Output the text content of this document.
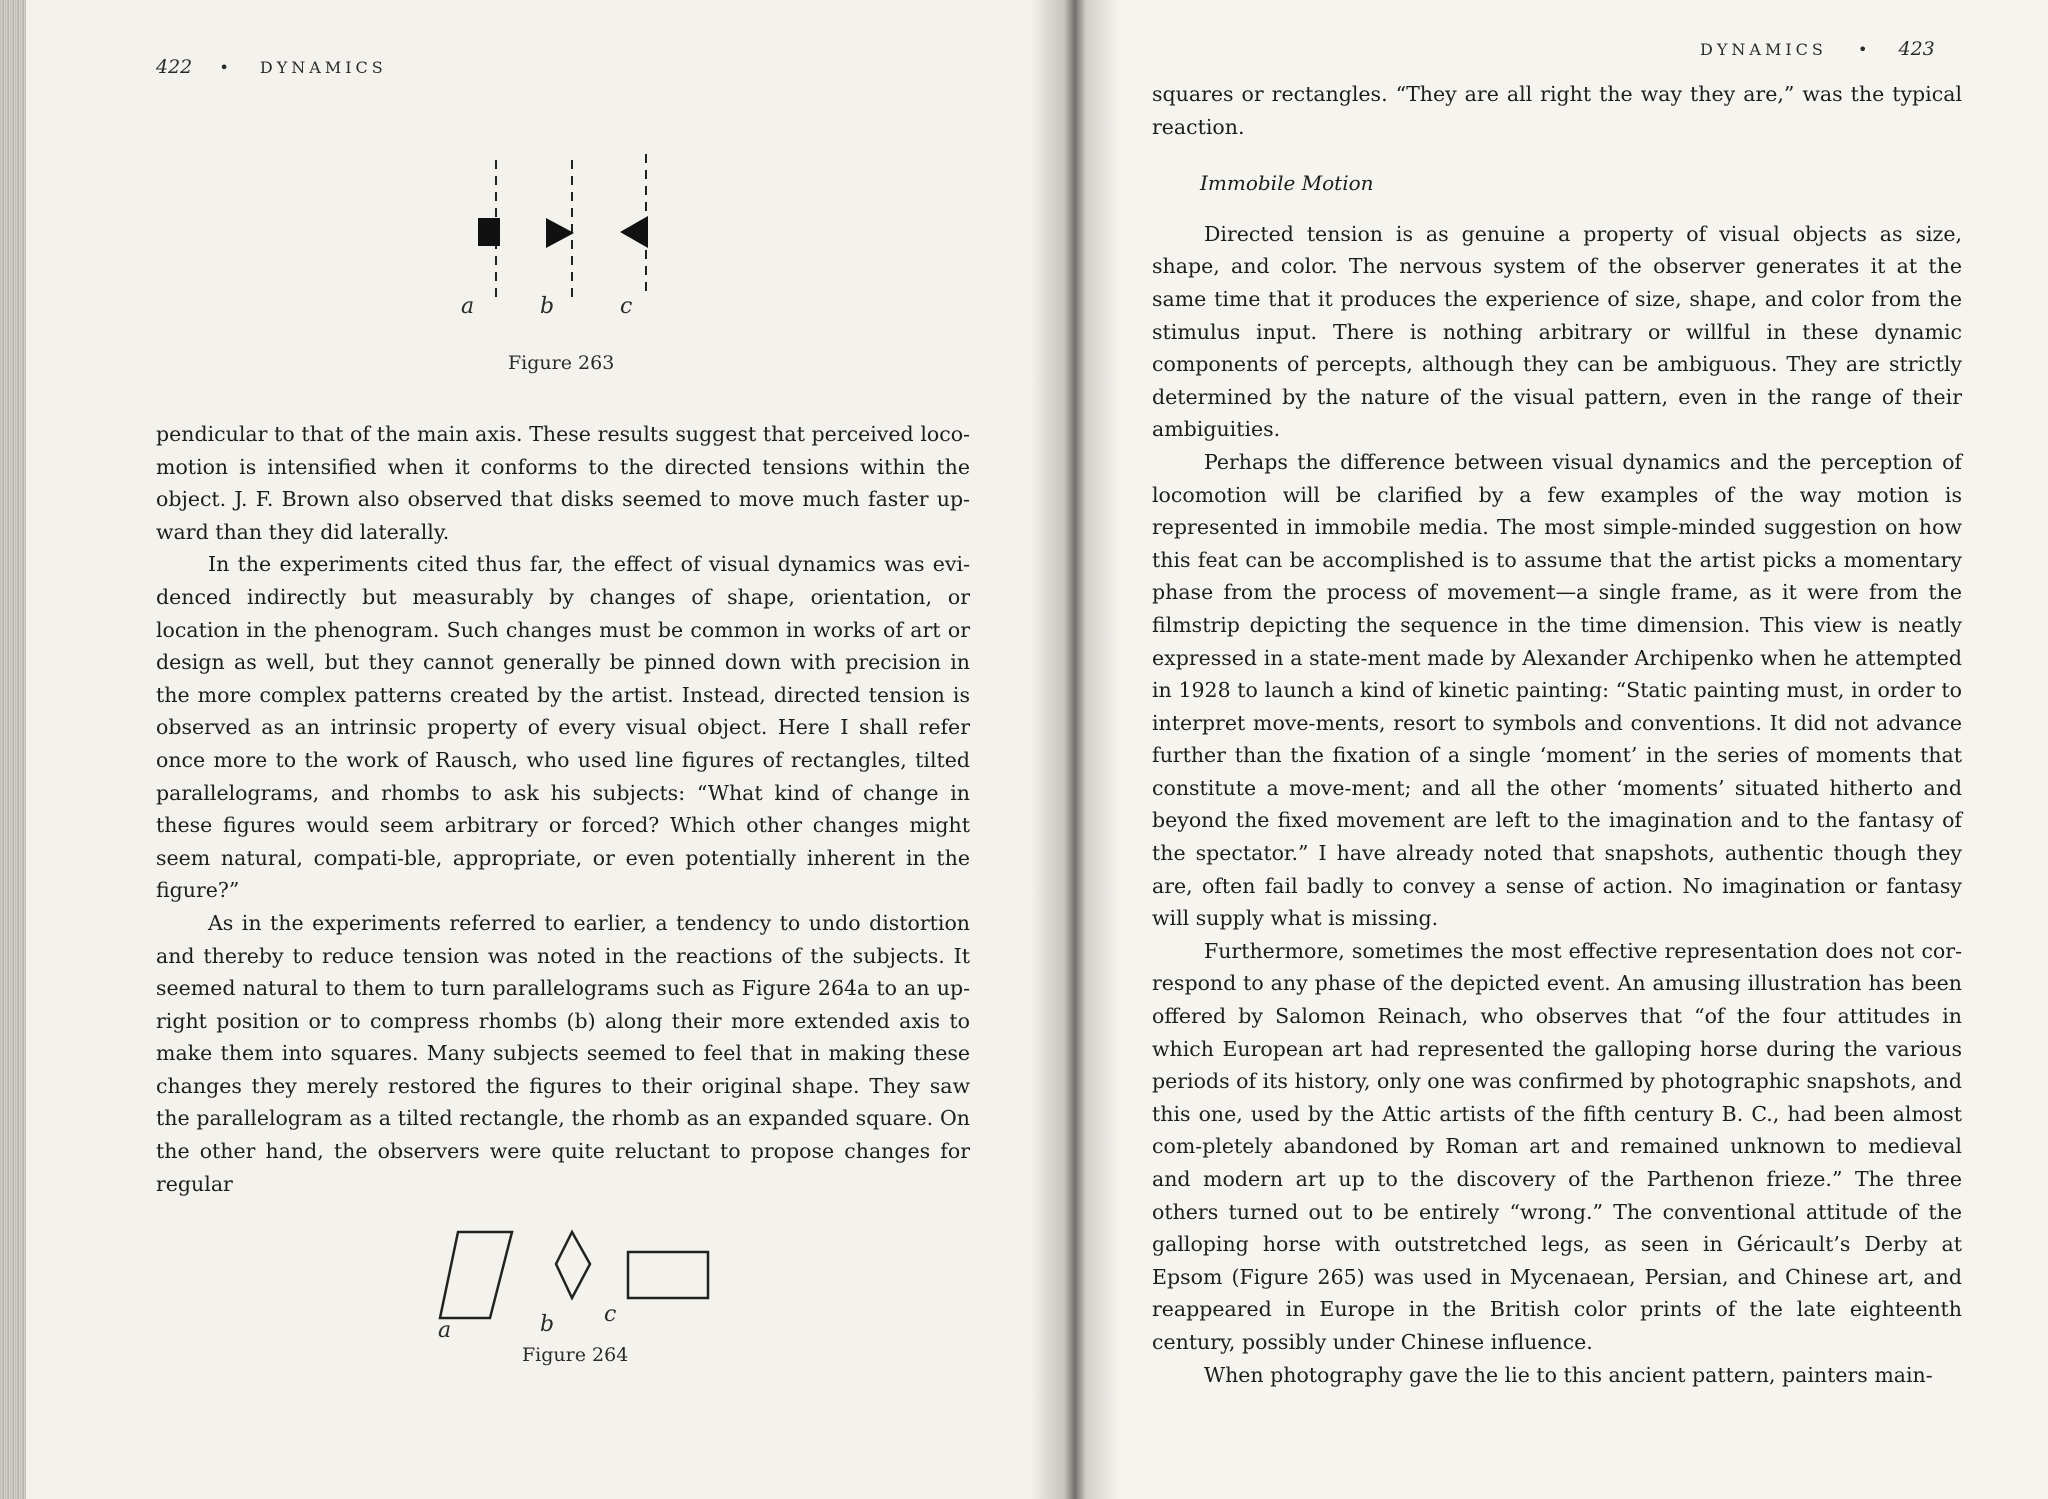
422 • DYNAMICS
a	b	c
Figure 263

pendicular to that of the main axis. These results suggest that perceived loco-motion is intensified when it conforms to the directed tensions within the object. J. F. Brown also observed that disks seemed to move much faster up-ward than they did laterally.

In the experiments cited thus far, the effect of visual dynamics was evi-denced indirectly but measurably by changes of shape, orientation, or location in the phenogram. Such changes must be common in works of art or design as well, but they cannot generally be pinned down with precision in the more complex patterns created by the artist. Instead, directed tension is observed as an intrinsic property of every visual object. Here I shall refer once more to the work of Rausch, who used line figures of rectangles, tilted parallelograms, and rhombs to ask his subjects: “What kind of change in these figures would seem arbitrary or forced? Which other changes might seem natural, compati-ble, appropriate, or even potentially inherent in the figure?”

As in the experiments referred to earlier, a tendency to undo distortion and thereby to reduce tension was noted in the reactions of the subjects. It seemed natural to them to turn parallelograms such as Figure 264a to an up-right position or to compress rhombs (b) along their more extended axis to make them into squares. Many subjects seemed to feel that in making these changes they merely restored the figures to their original shape. They saw the parallelogram as a tilted rectangle, the rhomb as an expanded square. On the other hand, the observers were quite reluctant to propose changes for regular

a	b c
Figure 264
DYNAMICS • 423

squares or rectangles. “They are all right the way they are,” was the typical reaction.

Immobile Motion

Directed tension is as genuine a property of visual objects as size, shape, and color. The nervous system of the observer generates it at the same time that it produces the experience of size, shape, and color from the stimulus input. There is nothing arbitrary or willful in these dynamic components of percepts, although they can be ambiguous. They are strictly determined by the nature of the visual pattern, even in the range of their ambiguities.

Perhaps the difference between visual dynamics and the perception of locomotion will be clarified by a few examples of the way motion is represented in immobile media. The most simple-minded suggestion on how this feat can be accomplished is to assume that the artist picks a momentary phase from the process of movement—a single frame, as it were from the filmstrip depicting the sequence in the time dimension. This view is neatly expressed in a state-ment made by Alexander Archipenko when he attempted in 1928 to launch a kind of kinetic painting: “Static painting must, in order to interpret move-ments, resort to symbols and conventions. It did not advance further than the fixation of a single ‘moment’ in the series of moments that constitute a move-ment; and all the other ‘moments’ situated hitherto and beyond the fixed movement are left to the imagination and to the fantasy of the spectator.” I have already noted that snapshots, authentic though they are, often fail badly to convey a sense of action. No imagination or fantasy will supply what is missing.

Furthermore, sometimes the most effective representation does not cor-respond to any phase of the depicted event. An amusing illustration has been offered by Salomon Reinach, who observes that “of the four attitudes in which European art had represented the galloping horse during the various periods of its history, only one was confirmed by photographic snapshots, and this one, used by the Attic artists of the fifth century B. C., had been almost com-pletely abandoned by Roman art and remained unknown to medieval and modern art up to the discovery of the Parthenon frieze.” The three others turned out to be entirely “wrong.” The conventional attitude of the galloping horse with outstretched legs, as seen in Géricault’s Derby at Epsom (Figure 265) was used in Mycenaean, Persian, and Chinese art, and reappeared in Europe in the British color prints of the late eighteenth century, possibly under Chinese influence.

When photography gave the lie to this ancient pattern, painters main-
